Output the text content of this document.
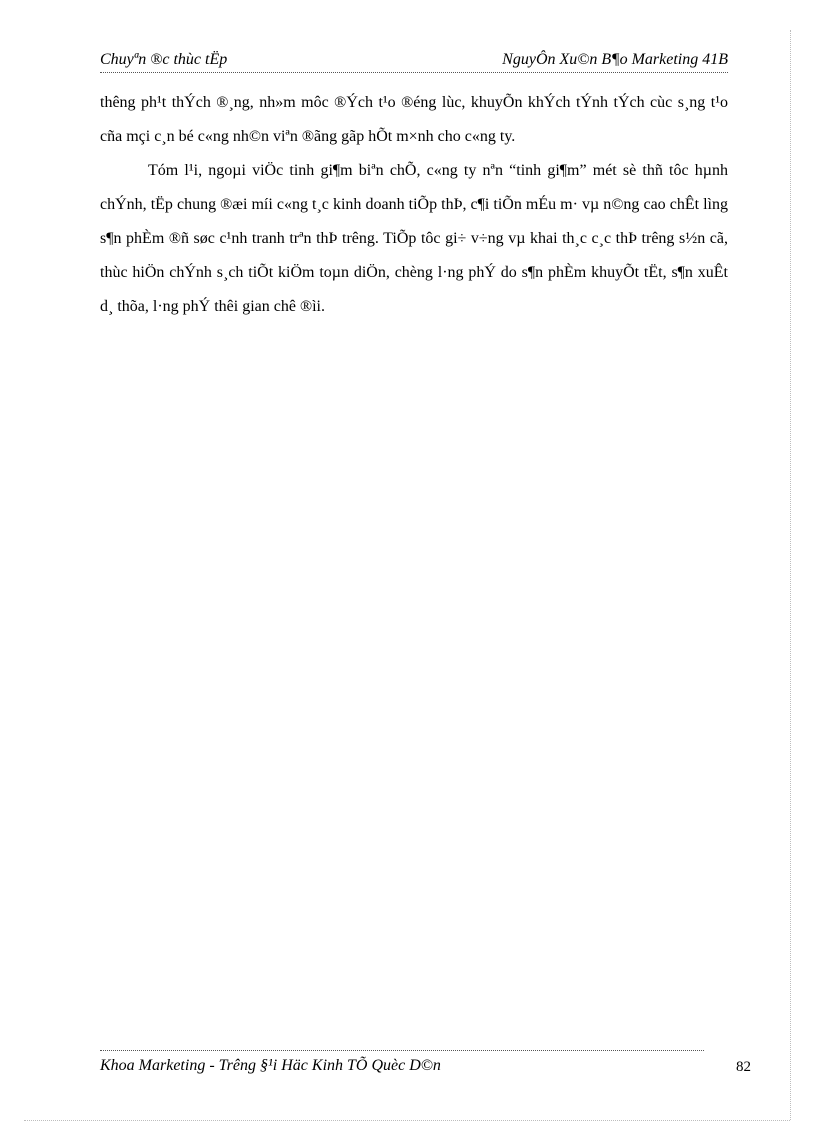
Chuyªn ®c thùc tËp	NguyÔn Xu©n B¶o Marketing 41B

thêng ph¹t thÝch ®¸ng, nh»m môc ®Ých t¹o ®éng lùc, khuyÕn khÝch tÝnh tÝch cùc s¸ng t¹o cña mçi c¸n bé c«ng nh©n viªn ®ãng gãp hÕt m×nh cho c«ng ty.

Tóm l¹i, ngoµi viÖc tinh gi¶m biªn chÕ, c«ng ty nªn “tinh gi¶m” mét sè thñ tôc hµnh chÝnh, tËp chung ®æi míi c«ng t¸c kinh doanh tiÕp thÞ, c¶i tiÕn mÉu m· vµ n©ng cao chÊt lìng s¶n phÈm ®ñ søc c¹nh tranh trªn thÞ trêng. TiÕp tôc gi÷ v÷ng vµ khai th¸c c¸c thÞ trêng s½n cã, thùc hiÖn chÝnh s¸ch tiÕt kiÖm toµn diÖn, chèng l·ng phÝ do s¶n phÈm khuyÕt tËt, s¶n xuÊt d¸ thõa, l·ng phÝ thêi gian chê ®ìi.

Khoa Marketing - Trêng §¹i Häc Kinh TÕ Quèc D©n	82
